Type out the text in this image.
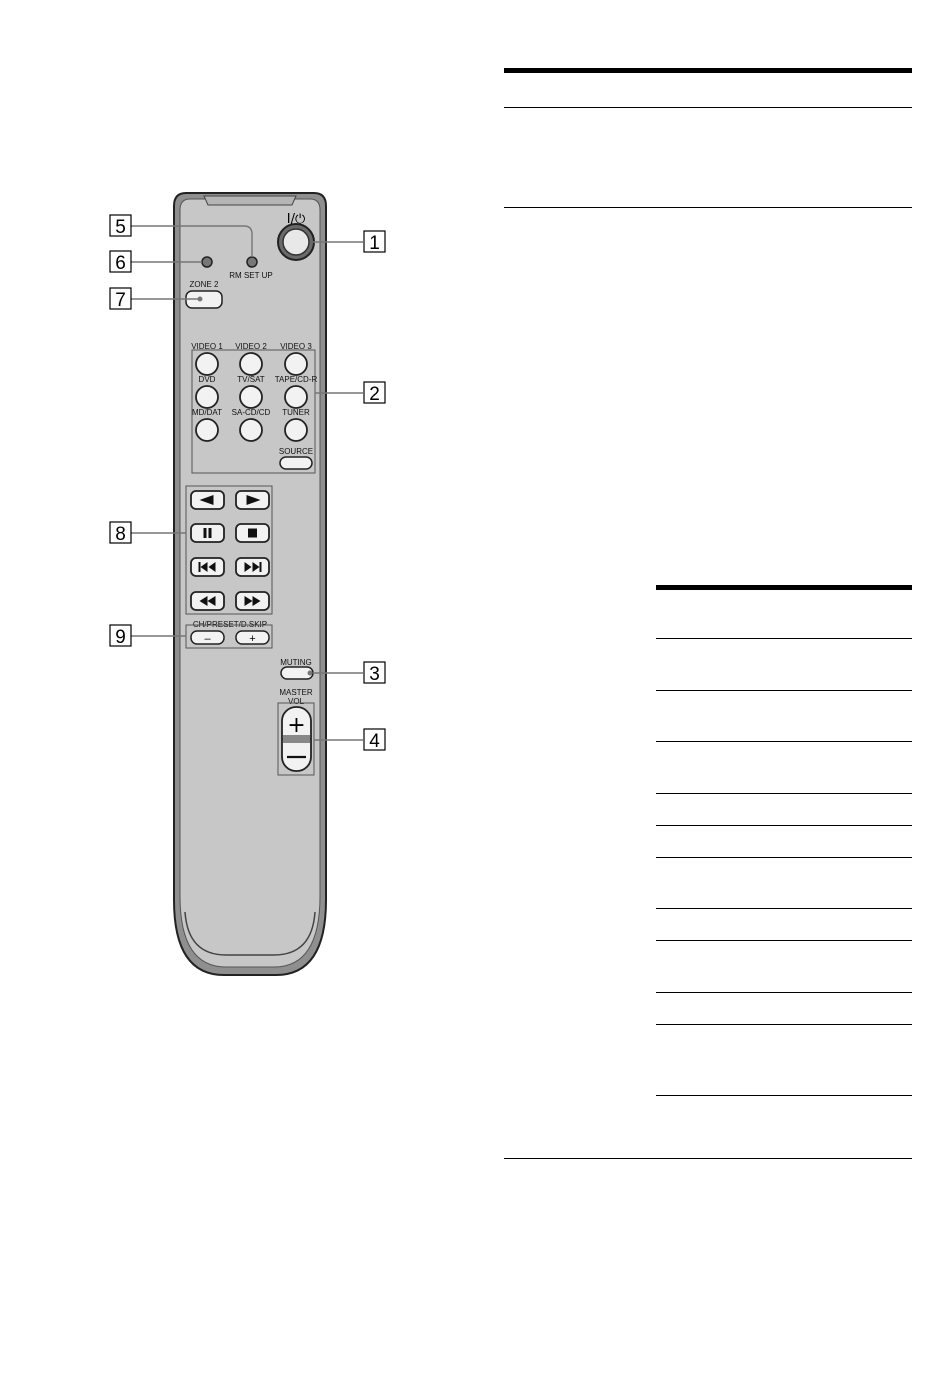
I/⏻
RM SET UP
ZONE 2
VIDEO 1 VIDEO 2 VIDEO 3
DVD	TV/SAT TAPE/CD-R
MD/DAT SA-CD/CD TUNER
SOURCE
CH/PRESET/D.SKIP
–	+
MUTING
MASTER
VOL
+
1
2
3
4
5
6
7
8
9
